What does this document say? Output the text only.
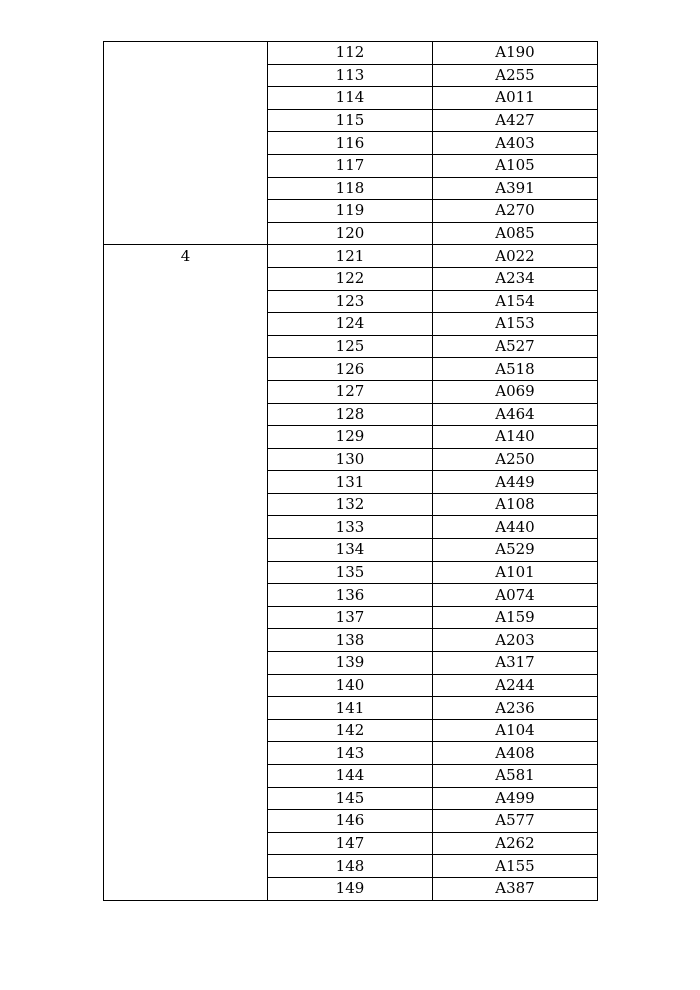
	112	A190
	113	A255
	114	A011
	115	A427
	116	A403
	117	A105
	118	A391
	119	A270
	120	A085
4	121	A022
	122	A234
	123	A154
	124	A153
	125	A527
	126	A518
	127	A069
	128	A464
	129	A140
	130	A250
	131	A449
	132	A108
	133	A440
	134	A529
	135	A101
	136	A074
	137	A159
	138	A203
	139	A317
	140	A244
	141	A236
	142	A104
	143	A408
	144	A581
	145	A499
	146	A577
	147	A262
	148	A155
	149	A387
